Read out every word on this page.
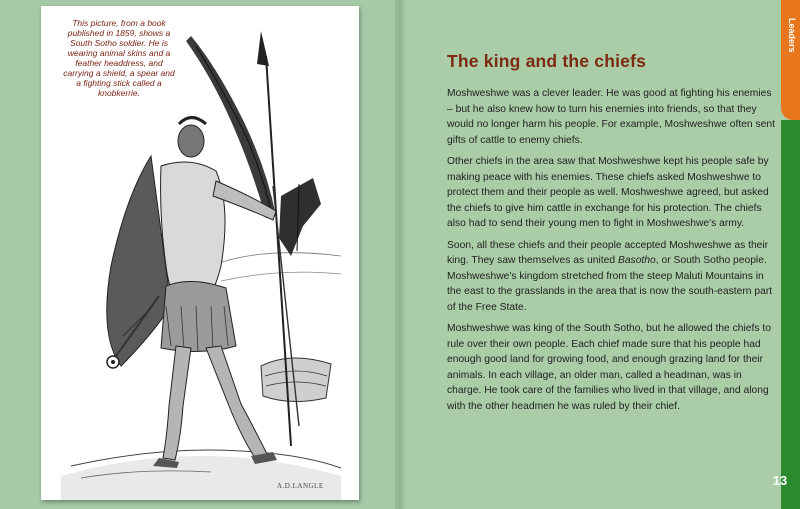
This picture, from a book published in 1859, shows a South Sotho soldier. He is wearing animal skins and a feather headdress, and carrying a shield, a spear and a fighting stick called a knobkerrie.
A.D.LANGLE
The king and the chiefs

Moshweshwe was a clever leader. He was good at fighting his enemies – but he also knew how to turn his enemies into friends, so that they would no longer harm his people. For example, Moshweshwe often sent gifts of cattle to enemy chiefs.

Other chiefs in the area saw that Moshweshwe kept his people safe by making peace with his enemies. These chiefs asked Moshweshwe to protect them and their people as well. Moshweshwe agreed, but asked the chiefs to give him cattle in exchange for his protection. The chiefs also had to send their young men to fight in Moshweshwe's army.

Soon, all these chiefs and their people accepted Moshweshwe as their king. They saw themselves as united Basotho, or South Sotho people. Moshweshwe's kingdom stretched from the steep Maluti Mountains in the east to the grasslands in the area that is now the south-eastern part of the Free State.

Moshweshwe was king of the South Sotho, but he allowed the chiefs to rule over their own people. Each chief made sure that his people had enough good land for growing food, and enough grazing land for their animals. In each village, an older man, called a headman, was in charge. He took care of the families who lived in that village, and along with the other headmen he was ruled by their chief.

Leaders
13
